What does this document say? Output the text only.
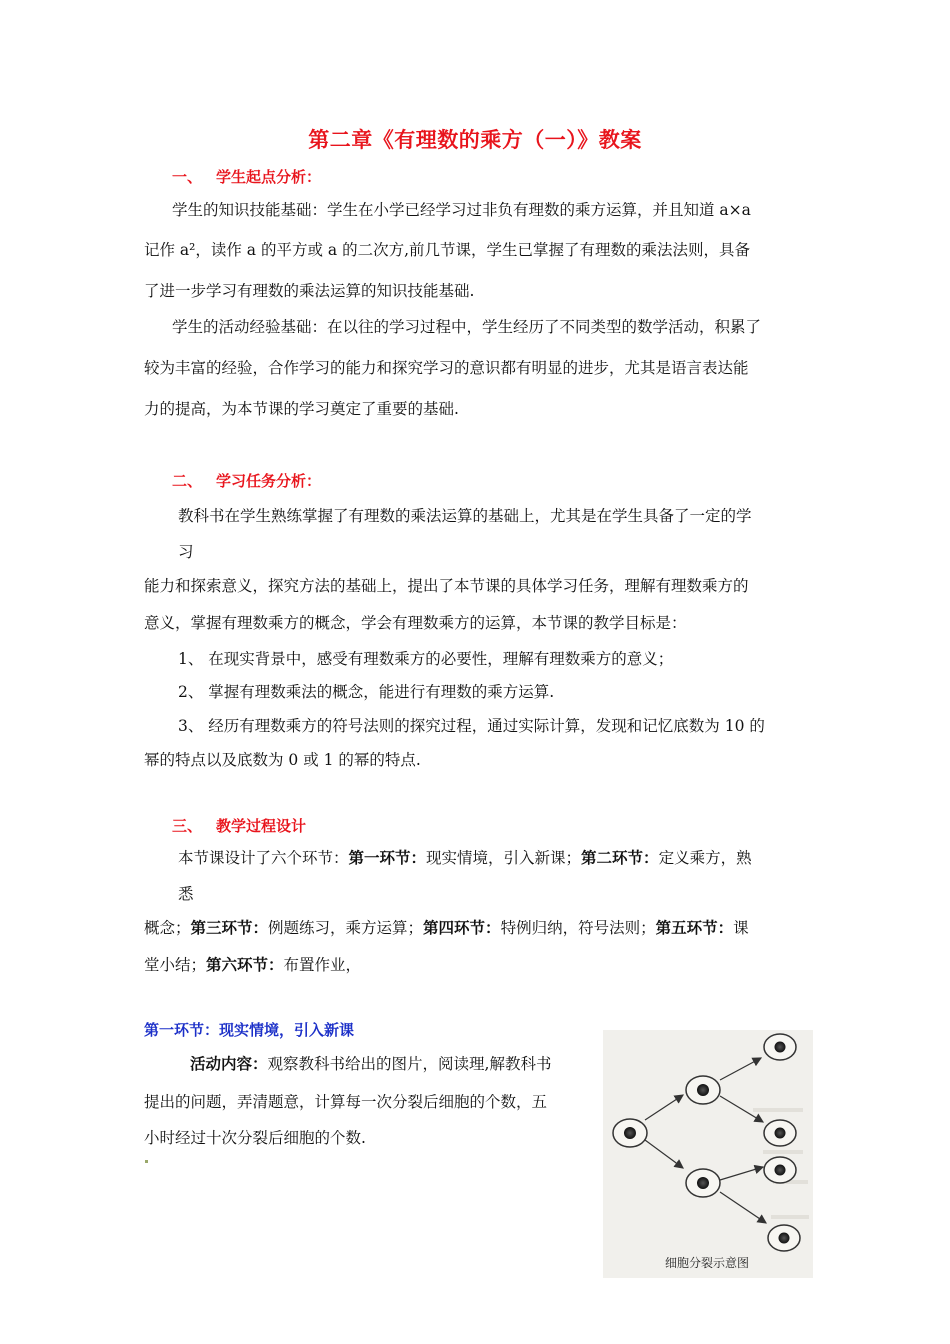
第二章《有理数的乘方（一）》教案
一、 学生起点分析：
学生的知识技能基础：学生在小学已经学习过非负有理数的乘方运算，并且知道 a×a
记作 a²，读作 a 的平方或 a 的二次方,前几节课，学生已掌握了有理数的乘法法则，具备
了进一步学习有理数的乘法运算的知识技能基础.
学生的活动经验基础：在以往的学习过程中，学生经历了不同类型的数学活动，积累了
较为丰富的经验，合作学习的能力和探究学习的意识都有明显的进步，尤其是语言表达能
力的提高，为本节课的学习奠定了重要的基础.
二、 学习任务分析：
教科书在学生熟练掌握了有理数的乘法运算的基础上，尤其是在学生具备了一定的学
习
能力和探索意义，探究方法的基础上，提出了本节课的具体学习任务，理解有理数乘方的
意义，掌握有理数乘方的概念，学会有理数乘方的运算，本节课的教学目标是：
1、 在现实背景中，感受有理数乘方的必要性，理解有理数乘方的意义；
2、 掌握有理数乘法的概念，能进行有理数的乘方运算.
3、 经历有理数乘方的符号法则的探究过程，通过实际计算，发现和记忆底数为 10 的
幂的特点以及底数为 0 或 1 的幂的特点.
三、 教学过程设计
本节课设计了六个环节：第一环节：现实情境，引入新课；第二环节：定义乘方，熟
悉
概念；第三环节：例题练习，乘方运算；第四环节：特例归纳，符号法则；第五环节：课
堂小结；第六环节：布置作业，
第一环节：现实情境，引入新课
活动内容：观察教科书给出的图片，阅读理,解教科书
提出的问题，弄清题意，计算每一次分裂后细胞的个数，五
小时经过十次分裂后细胞的个数.
细胞分裂示意图
